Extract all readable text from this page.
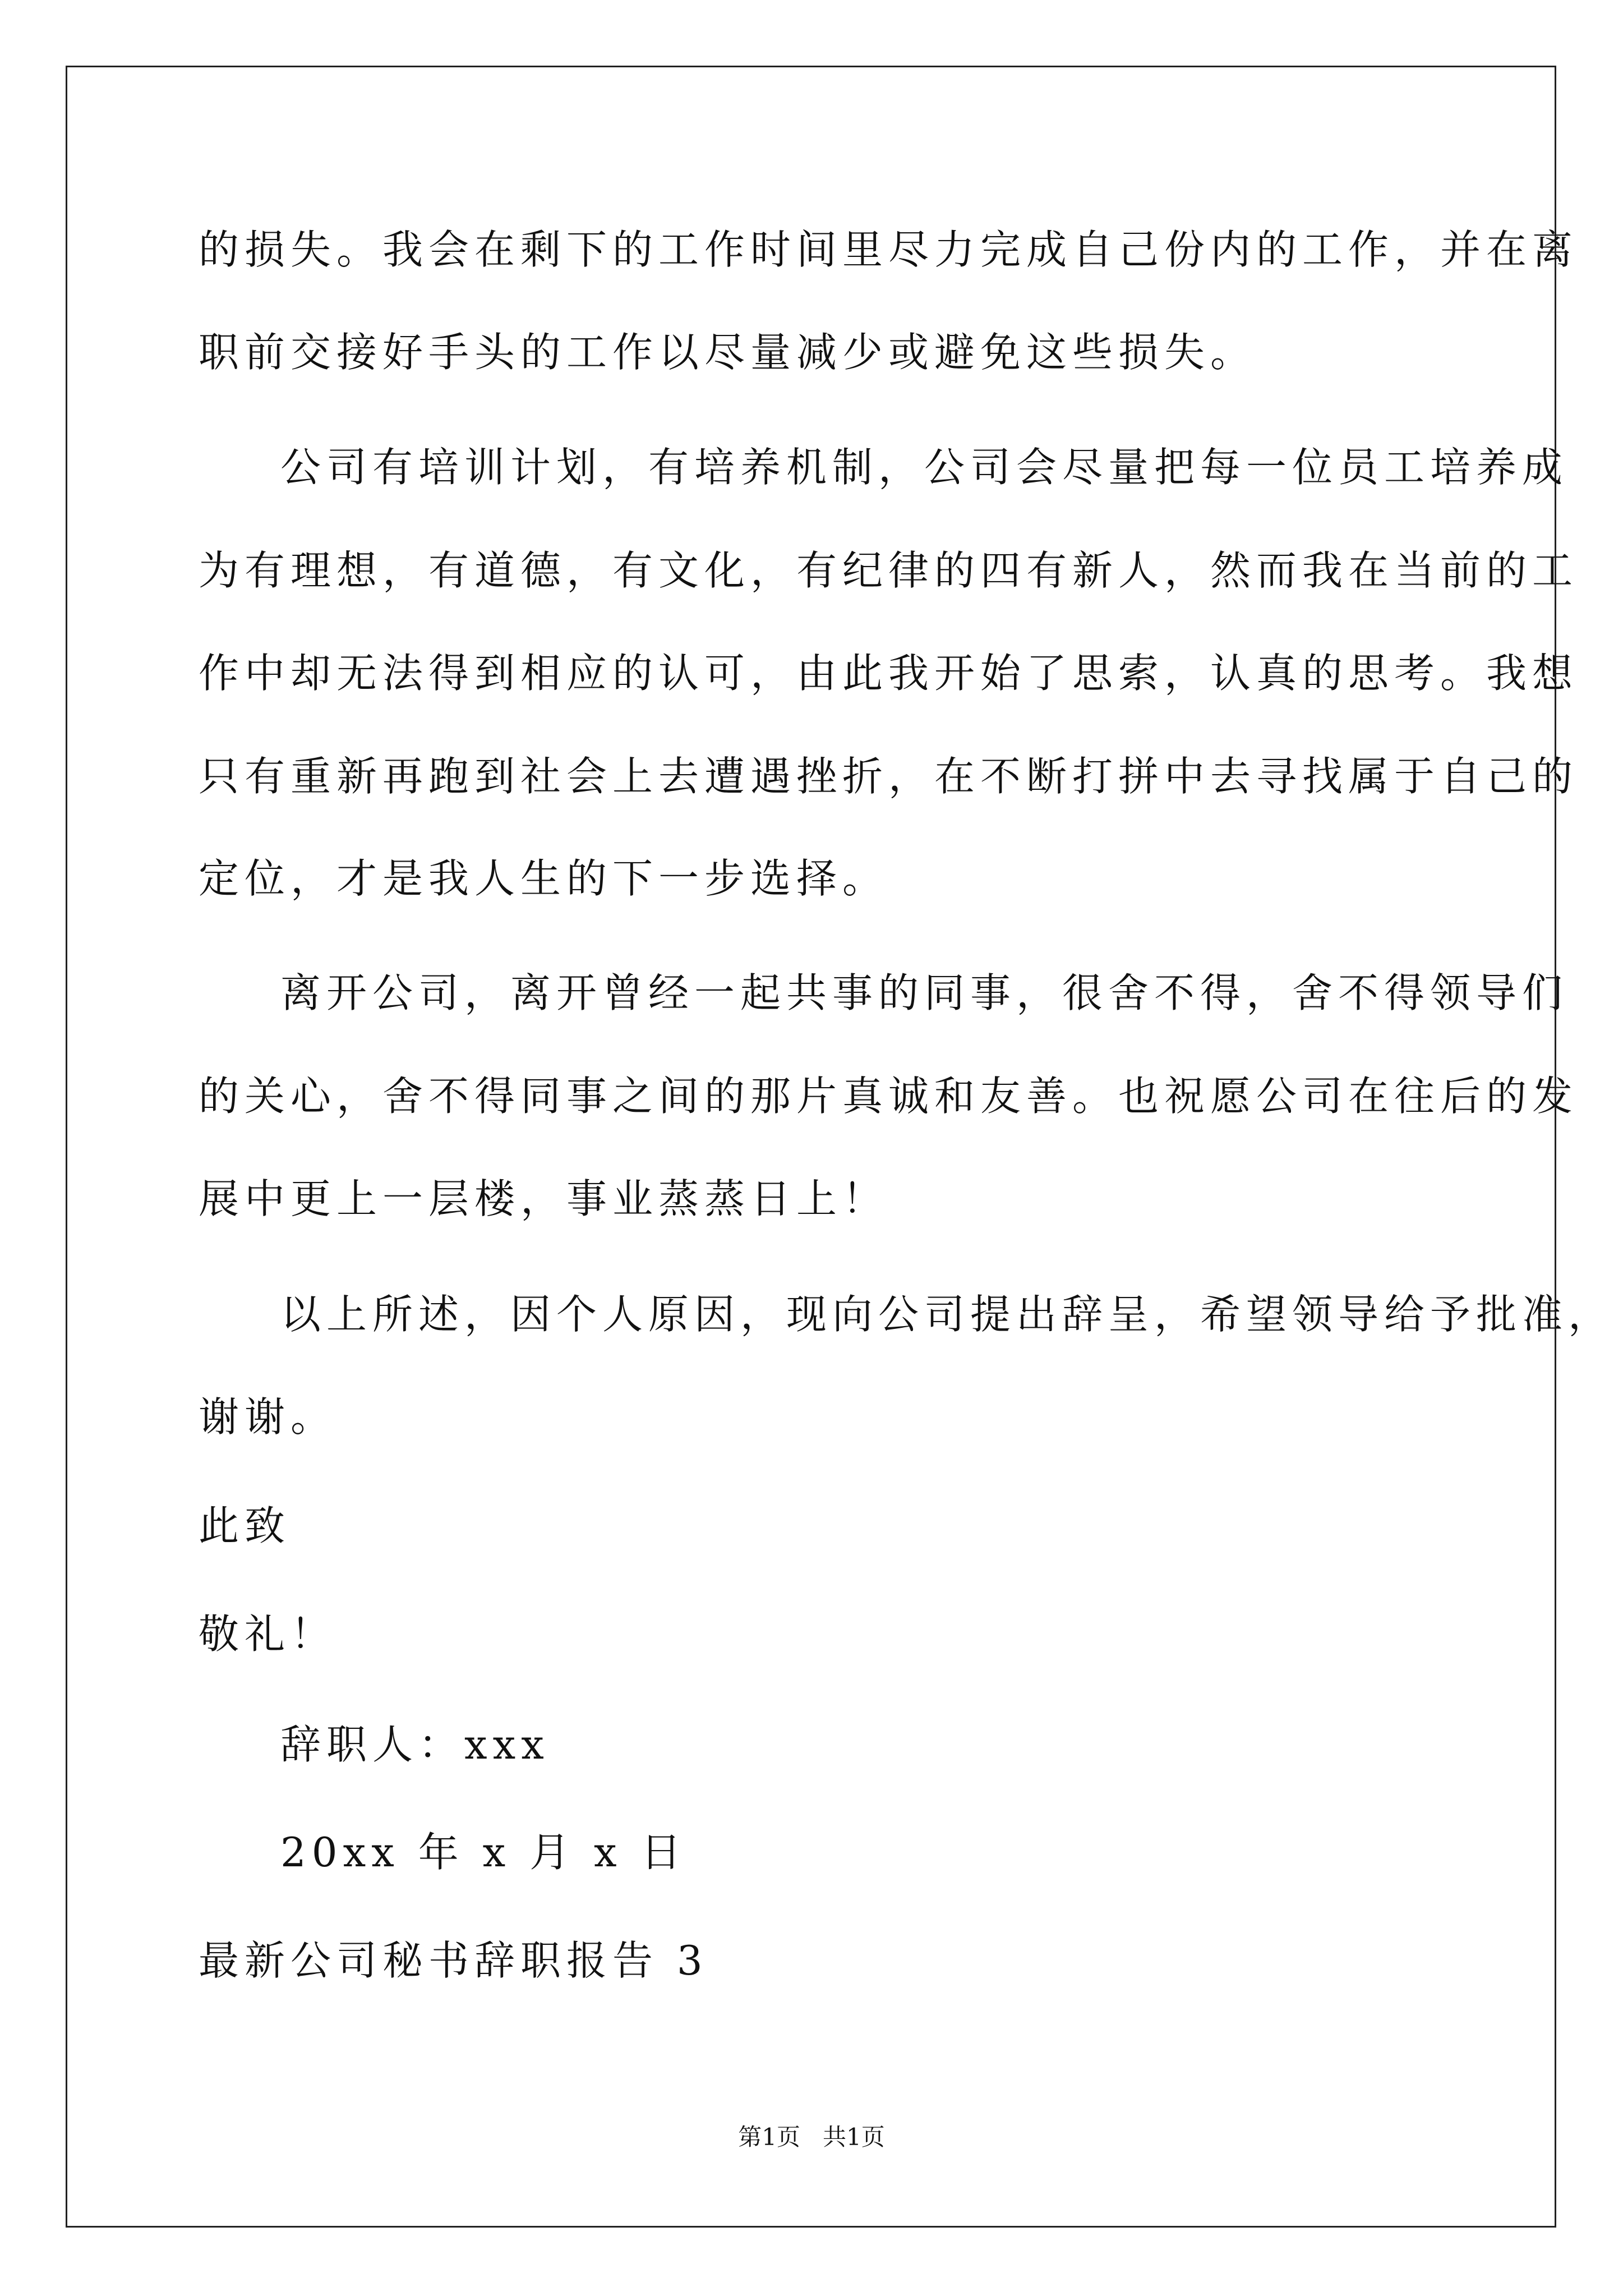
的损失。我会在剩下的工作时间里尽力完成自己份内的工作，并在离
职前交接好手头的工作以尽量减少或避免这些损失。
公司有培训计划，有培养机制，公司会尽量把每一位员工培养成
为有理想，有道德，有文化，有纪律的四有新人，然而我在当前的工
作中却无法得到相应的认可，由此我开始了思索，认真的思考。我想
只有重新再跑到社会上去遭遇挫折，在不断打拼中去寻找属于自己的
定位，才是我人生的下一步选择。
离开公司，离开曾经一起共事的同事，很舍不得，舍不得领导们
的关心，舍不得同事之间的那片真诚和友善。也祝愿公司在往后的发
展中更上一层楼，事业蒸蒸日上！
以上所述，因个人原因，现向公司提出辞呈，希望领导给予批准，
谢谢。
此致
敬礼！
辞职人：xxx
20xx 年 x 月 x 日
最新公司秘书辞职报告 3
第1页   共1页
